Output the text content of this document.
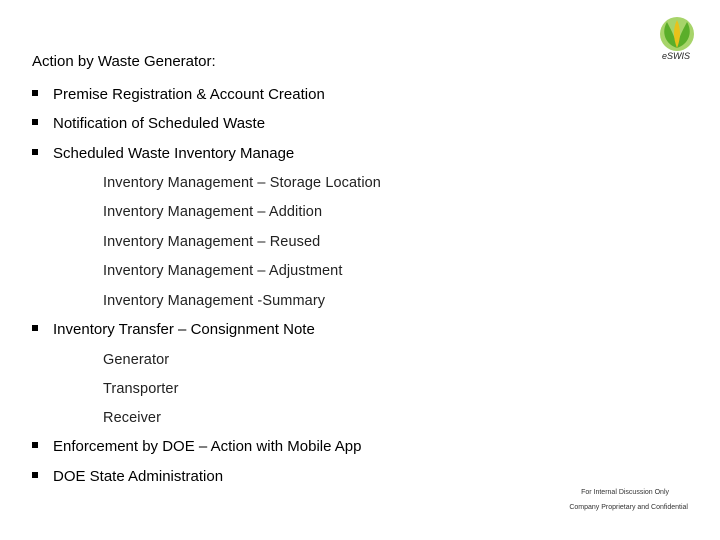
Action by Waste Generator:	eSWIS
Premise Registration & Account Creation
Notification of Scheduled Waste
Scheduled Waste Inventory Manage
Inventory Management – Storage Location
Inventory Management – Addition
Inventory Management – Reused
Inventory Management – Adjustment
Inventory Management -Summary
Inventory Transfer – Consignment Note
Generator
Transporter
Receiver
Enforcement by DOE – Action with Mobile App
DOE State Administration
For Internal Discussion Only
Company Proprietary and Confidential
